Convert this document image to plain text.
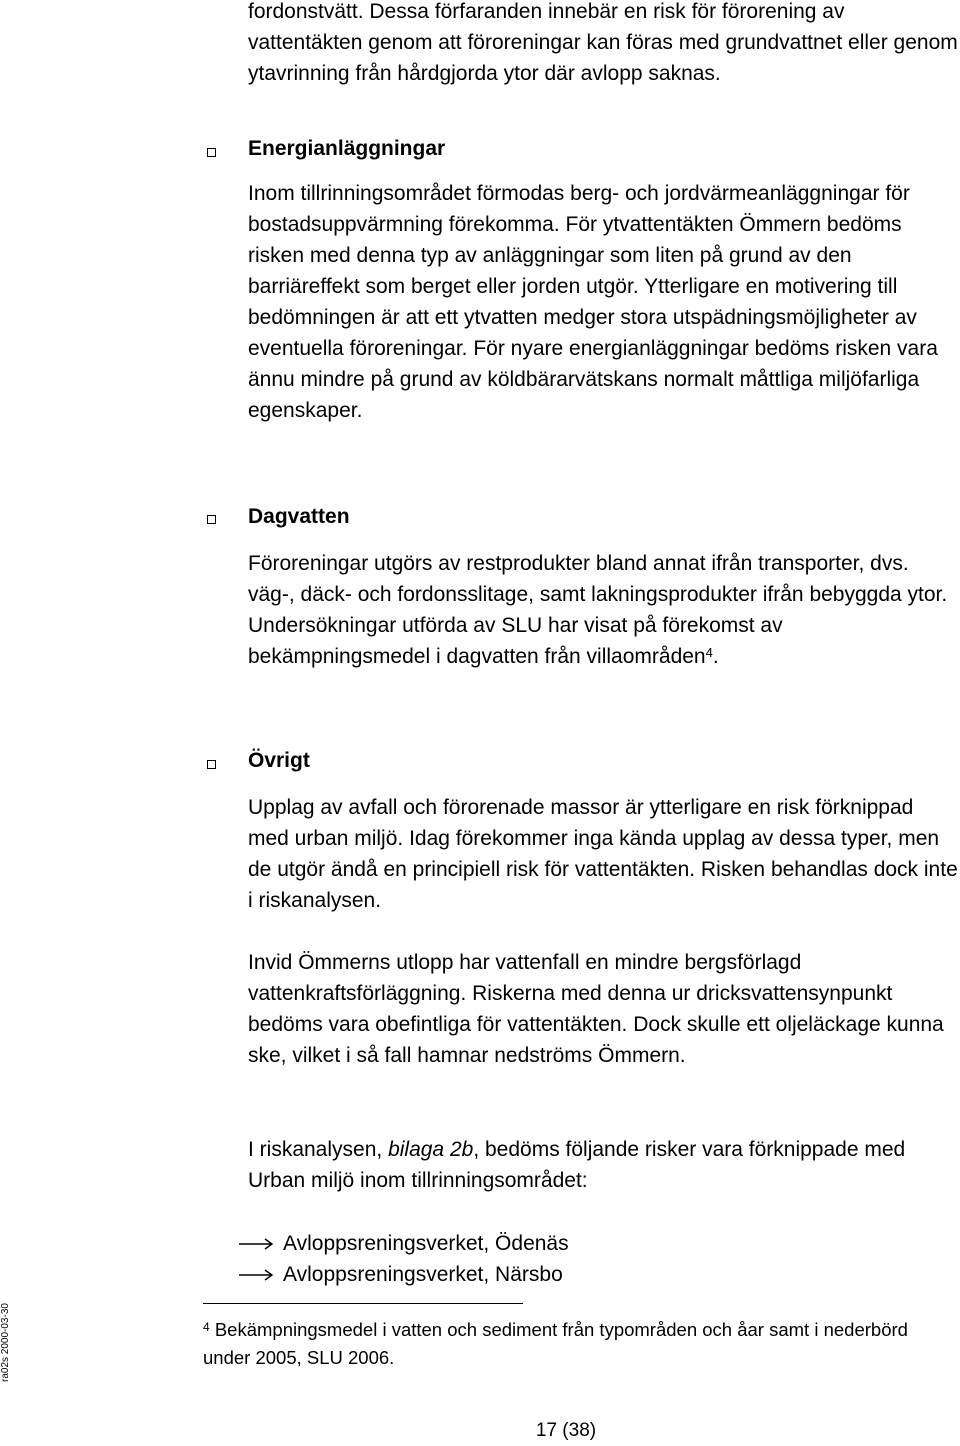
fordonstvätt. Dessa förfaranden innebär en risk för förorening av vattentäkten genom att föroreningar kan föras med grundvattnet eller genom ytavrinning från hårdgjorda ytor där avlopp saknas.
Energianläggningar
Inom tillrinningsområdet förmodas berg- och jordvärmeanläggningar för bostadsuppvärmning förekomma. För ytvattentäkten Ömmern bedöms risken med denna typ av anläggningar som liten på grund av den barriäreffekt som berget eller jorden utgör. Ytterligare en motivering till bedömningen är att ett ytvatten medger stora utspädningsmöjligheter av eventuella föroreningar. För nyare energianläggningar bedöms risken vara ännu mindre på grund av köldbärarvätskans normalt måttliga miljöfarliga egenskaper.
Dagvatten
Föroreningar utgörs av restprodukter bland annat ifrån transporter, dvs. väg-, däck- och fordonsslitage, samt lakningsprodukter ifrån bebyggda ytor. Undersökningar utförda av SLU har visat på förekomst av bekämpningsmedel i dagvatten från villaområden$^4$.
Övrigt
Upplag av avfall och förorenade massor är ytterligare en risk förknippad med urban miljö. Idag förekommer inga kända upplag av dessa typer, men de utgör ändå en principiell risk för vattentäkten. Risken behandlas dock inte i riskanalysen.
Invid Ömmerns utlopp har vattenfall en mindre bergsförlagd vattenkraftsförläggning. Riskerna med denna ur dricksvattensynpunkt bedöms vara obefintliga för vattentäkten. Dock skulle ett oljeläckage kunna ske, vilket i så fall hamnar nedströms Ömmern.
I riskanalysen, bilaga 2b, bedöms följande risker vara förknippade med Urban miljö inom tillrinningsområdet:
Avloppsreningsverket, Ödenäs
Avloppsreningsverket, Närsbo
$^4$ Bekämpningsmedel i vatten och sediment från typområden och åar samt i nederbörd under 2005, SLU 2006.
ra02s 2000-03-30
17 (38)
